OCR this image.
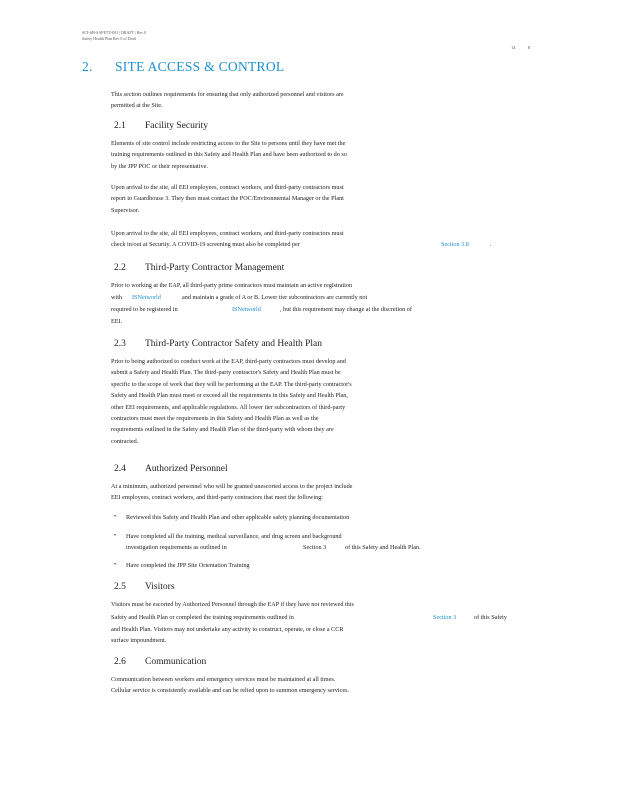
SLT-SH-SAFETY-001 | DRAFT | Rev 0
Safety Health Plan Rev 0 of Draft
14	8
2. SITE ACCESS & CONTROL
This section outlines requirements for ensuring that only authorized personnel and visitors are
permitted at the Site.
2.1 Facility Security
Elements of site control include restricting access to the Site to persons until they have met the
training requirements outlined in this Safety and Health Plan and have been authorized to do so
by the JPP POC or their representative.
Upon arrival to the site, all EEI employees, contract workers, and third-party contractors must
report to Guardhouse 3. They then must contact the POC/Environmental Manager or the Plant
Supervisor.
Upon arrival to the site, all EEI employees, contract workers, and third-party contractors must
check in/out at Security. A COVID-19 screening must also be completed per	Section 3.8	.
2.2 Third-Party Contractor Management
Prior to working at the EAP, all third-party prime contractors must maintain an active registration
with ISNetworld	and maintain a grade of A or B. Lower tier subcontractors are currently not
required to be registered in	ISNetworld	, but this requirement may change at the discretion of
EEI.
2.3 Third-Party Contractor Safety and Health Plan
Prior to being authorized to conduct work at the EAP, third-party contractors must develop and
submit a Safety and Health Plan. The third-party contractor's Safety and Health Plan must be
specific to the scope of work that they will be performing at the EAP. The third-party contractor's
Safety and Health Plan must meet or exceed all the requirements in this Safety and Health Plan,
other EEI requirements, and applicable regulations. All lower tier subcontractors of third-party
contractors must meet the requirements in this Safety and Health Plan as well as the
requirements outlined in the Safety and Health Plan of the third-party with whom they are
contracted.
2.4 Authorized Personnel
At a minimum, authorized personnel who will be granted unescorted access to the project include
EEI employees, contract workers, and third-party contractors that meet the following:
• Reviewed this Safety and Health Plan and other applicable safety planning documentation
• Have completed all the training, medical surveillance, and drug screen and background
investigation requirements as outlined in	Section 3	of this Safety and Health Plan.
• Have completed the JPP Site Orientation Training
2.5 Visitors
Visitors must be escorted by Authorized Personnel through the EAP if they have not reviewed this
Safety and Health Plan or completed the training requirements outlined in	Section 3	of this Safety
and Health Plan. Visitors may not undertake any activity to construct, operate, or close a CCR
surface impoundment.
2.6 Communication
Communication between workers and emergency services must be maintained at all times.
Cellular service is consistently available and can be relied upon to summon emergency services.
